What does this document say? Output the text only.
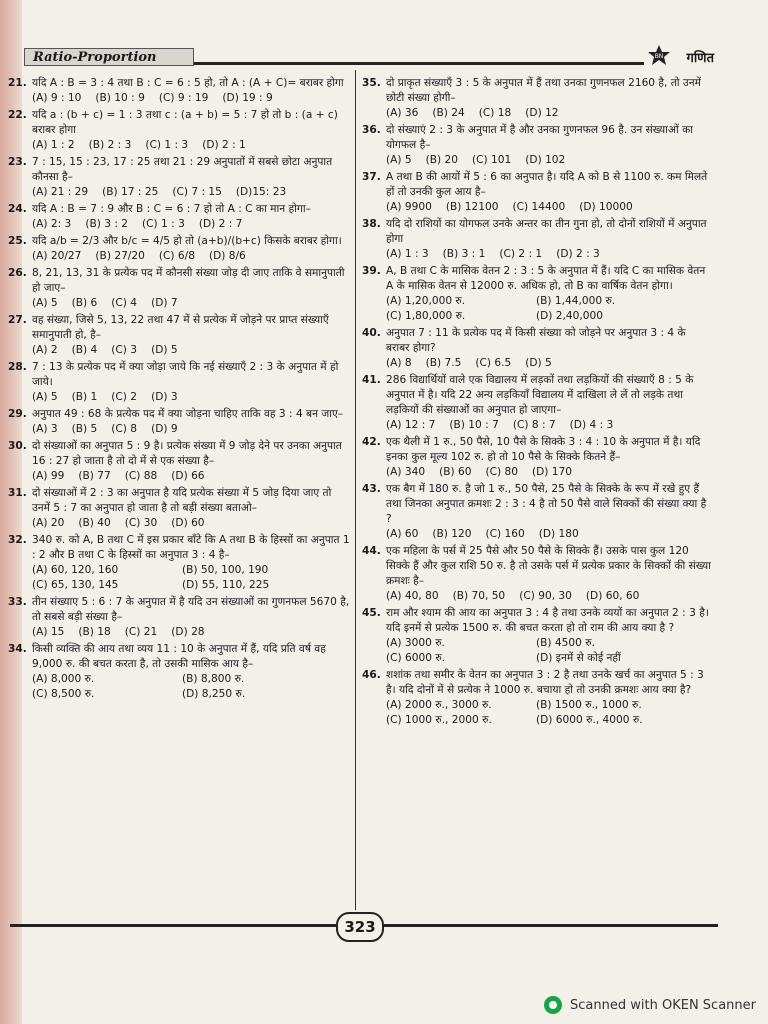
Ratio-Proportion	BN गणित
21. यदि A : B = 3 : 4 तथा B : C = 6 : 5 हो, तो A : (A + C)= बराबर होगा
(A) 9 : 10 (B) 10 : 9 (C) 9 : 19 (D) 19 : 9
22. यदि a : (b + c) = 1 : 3 तथा c : (a + b) = 5 : 7 हो तो b : (a + c) बराबर होगा
(A) 1 : 2 (B) 2 : 3 (C) 1 : 3 (D) 2 : 1
23. 7 : 15, 15 : 23, 17 : 25 तथा 21 : 29 अनुपातों में सबसे छोटा अनुपात कौनसा है–
(A) 21 : 29 (B) 17 : 25 (C) 7 : 15 (D)15: 23
24. यदि A : B = 7 : 9 और B : C = 6 : 7 हो तो A : C का मान होगा–
(A) 2: 3 (B) 3 : 2 (C) 1 : 3 (D) 2 : 7
25. यदि a/b = 2/3 और b/c = 4/5 हो तो (a+b)/(b+c) किसके बराबर होगा।
(A) 20/27 (B) 27/20 (C) 6/8 (D) 8/6
26. 8, 21, 13, 31 के प्रत्येक पद में कौनसी संख्या जोड़ दी जाए ताकि वे समानुपाती हो जाए–
(A) 5 (B) 6 (C) 4 (D) 7
27. वह संख्या, जिसे 5, 13, 22 तथा 47 में से प्रत्येक में जोड़ने पर प्राप्त संख्याएँ समानुपाती हो, है–
(A) 2 (B) 4 (C) 3 (D) 5
28. 7 : 13 के प्रत्येक पद में क्या जोड़ा जाये कि नई संख्याएँ 2 : 3 के अनुपात में हो जाये।
(A) 5 (B) 1 (C) 2 (D) 3
29. अनुपात 49 : 68 के प्रत्येक पद में क्या जोड़ना चाहिए ताकि वह 3 : 4 बन जाए–
(A) 3 (B) 5 (C) 8 (D) 9
30. दो संख्याओं का अनुपात 5 : 9 है। प्रत्येक संख्या में 9 जोड़ देने पर उनका अनुपात 16 : 27 हो जाता है तो दो में से एक संख्या है–
(A) 99 (B) 77 (C) 88 (D) 66
31. दो संख्याओं में 2 : 3 का अनुपात है यदि प्रत्येक संख्या में 5 जोड़ दिया जाए तो उनमें 5 : 7 का अनुपात हो जाता है तो बड़ी संख्या बताओ–
(A) 20 (B) 40 (C) 30 (D) 60
32. 340 रु. को A, B तथा C में इस प्रकार बाँटे कि A तथा B के हिस्सों का अनुपात 1 : 2 और B तथा C के हिस्सों का अनुपात 3 : 4 है–
(A) 60, 120, 160	(B) 50, 100, 190
(C) 65, 130, 145	(D) 55, 110, 225
33. तीन संख्याए 5 : 6 : 7 के अनुपात में है यदि उन संख्याओं का गुणनफल 5670 है, तो सबसे बड़ी संख्या है–
(A) 15 (B) 18 (C) 21 (D) 28
34. किसी व्यक्ति की आय तथा व्यय 11 : 10 के अनुपात में हैं, यदि प्रति वर्ष वह 9,000 रु. की बचत करता है, तो उसकी मासिक आय है–
(A) 8,000 रु.	(B) 8,800 रु.
(C) 8,500 रु.	(D) 8,250 रु.
35. दो प्राकृत संख्याएँ 3 : 5 के अनुपात में हैं तथा उनका गुणनफल 2160 है, तो उनमें छोटी संख्या होगी–
(A) 36 (B) 24 (C) 18 (D) 12
36. दो संख्याएं 2 : 3 के अनुपात में है और उनका गुणनफल 96 है. उन संख्याओं का योगफल है–
(A) 5 (B) 20 (C) 101 (D) 102
37. A तथा B की आयों में 5 : 6 का अनुपात है। यदि A को B से 1100 रु. कम मिलते हों तो उनकी कुल आय है–
(A) 9900 (B) 12100 (C) 14400 (D) 10000
38. यदि दो राशियों का योगफल उनके अन्तर का तीन गुना हो, तो दोनों राशियों में अनुपात होगा
(A) 1 : 3 (B) 3 : 1 (C) 2 : 1 (D) 2 : 3
39. A, B तथा C के मासिक वेतन 2 : 3 : 5 के अनुपात में हैं। यदि C का मासिक वेतन A के मासिक वेतन से 12000 रु. अधिक हो, तो B का वार्षिक वेतन होगा।
(A) 1,20,000 रु.	(B) 1,44,000 रु.
(C) 1,80,000 रु.	(D) 2,40,000
40. अनुपात 7 : 11 के प्रत्येक पद में किसी संख्या को जोड़ने पर अनुपात 3 : 4 के बराबर होगा?
(A) 8 (B) 7.5 (C) 6.5 (D) 5
41. 286 विद्यार्थियों वाले एक विद्यालय में लड़कों तथा लड़कियों की संख्याएँ 8 : 5 के अनुपात में है। यदि 22 अन्य लड़कियाँ विद्यालय में दाखिला ले लें तो लड़के तथा लड़कियों की संख्याओं का अनुपात हो जाएगा–
(A) 12 : 7 (B) 10 : 7 (C) 8 : 7 (D) 4 : 3
42. एक थैली में 1 रु., 50 पैसे, 10 पैसे के सिक्के 3 : 4 : 10 के अनुपात में है। यदि इनका कुल मूल्य 102 रु. हो तो 10 पैसे के सिक्के कितने हैं–
(A) 340 (B) 60 (C) 80 (D) 170
43. एक बैग में 180 रु. है जो 1 रु., 50 पैसे, 25 पैसे के सिक्के के रूप में रखे हुए हैं तथा जिनका अनुपात क्रमशः 2 : 3 : 4 है तो 50 पैसे वाले सिक्कों की संख्या क्या है ?
(A) 60 (B) 120 (C) 160 (D) 180
44. एक महिला के पर्स में 25 पैसे और 50 पैसे के सिक्के हैं। उसके पास कुल 120 सिक्के हैं और कुल राशि 50 रु. है तो उसके पर्स में प्रत्येक प्रकार के सिक्कों की संख्या क्रमशः है–
(A) 40, 80 (B) 70, 50 (C) 90, 30 (D) 60, 60
45. राम और श्याम की आय का अनुपात 3 : 4 है तथा उनके व्ययों का अनुपात 2 : 3 है। यदि इनमें से प्रत्येक 1500 रु. की बचत करता हो तो राम की आय क्या है ?
(A) 3000 रु.	(B) 4500 रु.
(C) 6000 रु.	(D) इनमें से कोई नहीं
46. शशांक तथा समीर के वेतन का अनुपात 3 : 2 है तथा उनके खर्च का अनुपात 5 : 3 है। यदि दोनों में से प्रत्येक ने 1000 रु. बचाया हो तो उनकी क्रमशः आय क्या है?
(A) 2000 रु., 3000 रु.	(B) 1500 रु., 1000 रु.
(C) 1000 रु., 2000 रु.	(D) 6000 रु., 4000 रु.
323
Scanned with OKEN Scanner
